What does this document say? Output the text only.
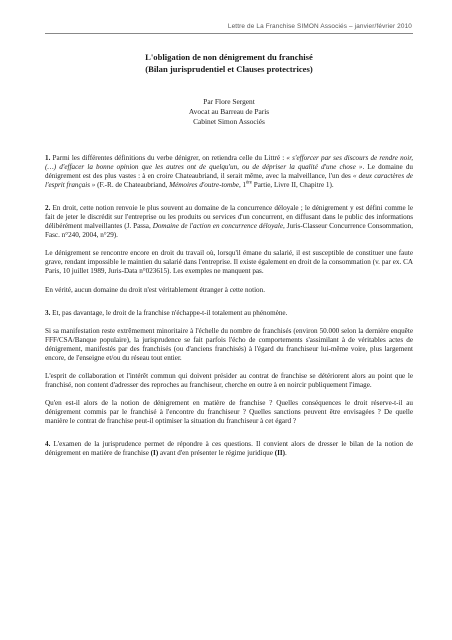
Lettre de La Franchise SIMON Associés – janvier/février 2010
L'obligation de non dénigrement du franchisé
(Bilan jurisprudentiel et Clauses protectrices)
Par Flore Sergent
Avocat au Barreau de Paris
Cabinet Simon Associés

1. Parmi les différentes définitions du verbe dénigrer, on retiendra celle du Littré : « s'efforcer par ses discours de rendre noir, (…) d'effacer la bonne opinion que les autres ont de quelqu'un, ou de dépriser la qualité d'une chose ». Le domaine du dénigrement est des plus vastes : à en croire Chateaubriand, il serait même, avec la malveillance, l'un des « deux caractères de l'esprit français » (F.-R. de Chateaubriand, Mémoires d'outre-tombe, 1ère Partie, Livre II, Chapitre 1).

2. En droit, cette notion renvoie le plus souvent au domaine de la concurrence déloyale ; le dénigrement y est défini comme le fait de jeter le discrédit sur l'entreprise ou les produits ou services d'un concurrent, en diffusant dans le public des informations délibérément malveillantes (J. Passa, Domaine de l'action en concurrence déloyale, Juris-Classeur Concurrence Consommation, Fasc. n°240, 2004, n°29).

Le dénigrement se rencontre encore en droit du travail où, lorsqu'il émane du salarié, il est susceptible de constituer une faute grave, rendant impossible le maintien du salarié dans l'entreprise. Il existe également en droit de la consommation (v. par ex. CA Paris, 10 juillet 1989, Juris-Data n°023615). Les exemples ne manquent pas.

En vérité, aucun domaine du droit n'est véritablement étranger à cette notion.

3. Et, pas davantage, le droit de la franchise n'échappe-t-il totalement au phénomène.

Si sa manifestation reste extrêmement minoritaire à l'échelle du nombre de franchisés (environ 50.000 selon la dernière enquête FFF/CSA/Banque populaire), la jurisprudence se fait parfois l'écho de comportements s'assimilant à de véritables actes de dénigrement, manifestés par des franchisés (ou d'anciens franchisés) à l'égard du franchiseur lui-même voire, plus largement encore, de l'enseigne et/ou du réseau tout entier.

L'esprit de collaboration et l'intérêt commun qui doivent présider au contrat de franchise se détériorent alors au point que le franchisé, non content d'adresser des reproches au franchiseur, cherche en outre à en noircir publiquement l'image.

Qu'en est-il alors de la notion de dénigrement en matière de franchise ? Quelles conséquences le droit réserve-t-il au dénigrement commis par le franchisé à l'encontre du franchiseur ? Quelles sanctions peuvent être envisagées ? De quelle manière le contrat de franchise peut-il optimiser la situation du franchiseur à cet égard ?

4. L'examen de la jurisprudence permet de répondre à ces questions. Il convient alors de dresser le bilan de la notion de dénigrement en matière de franchise (I) avant d'en présenter le régime juridique (II).
